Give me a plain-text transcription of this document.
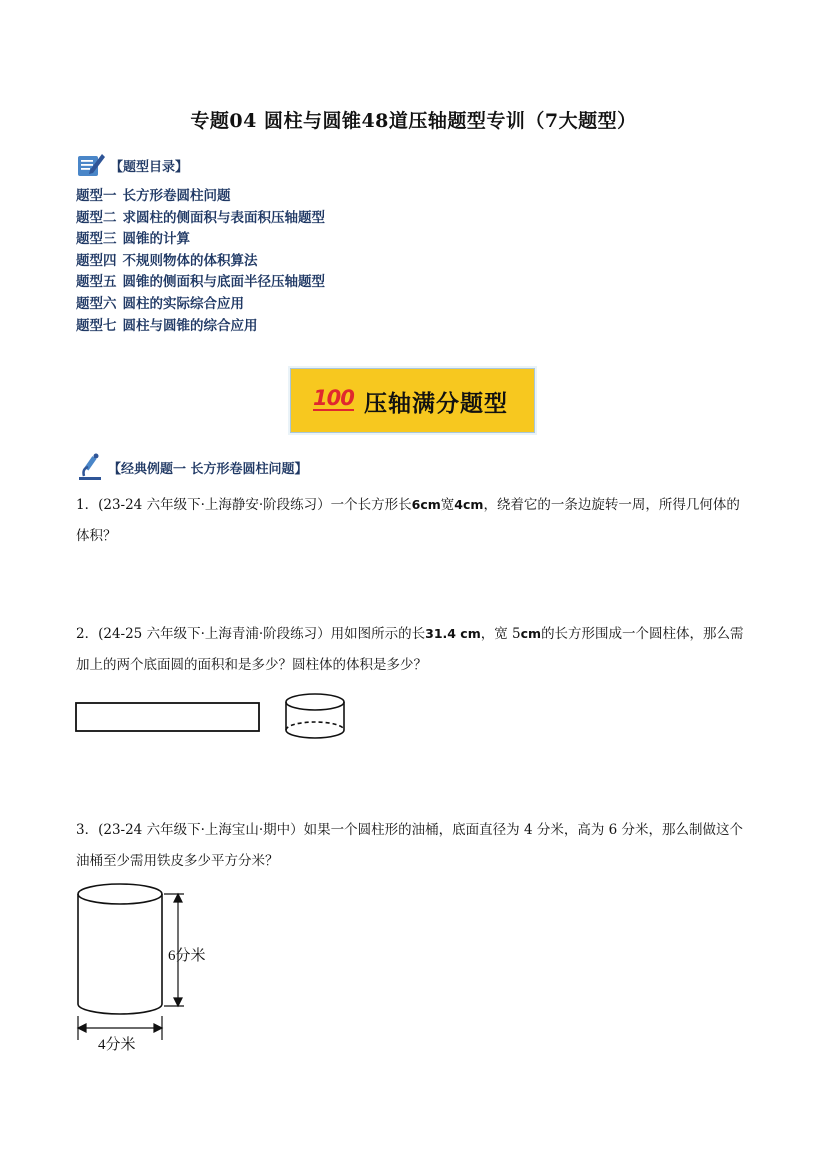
专题04 圆柱与圆锥48道压轴题型专训（7大题型）
【题型目录】
题型一 长方形卷圆柱问题
题型二 求圆柱的侧面积与表面积压轴题型
题型三 圆锥的计算
题型四 不规则物体的体积算法
题型五 圆锥的侧面积与底面半径压轴题型
题型六 圆柱的实际综合应用
题型七 圆柱与圆锥的综合应用
100 压轴满分题型
【经典例题一 长方形卷圆柱问题】
1．(23-24 六年级下·上海静安·阶段练习）一个长方形长6cm宽4cm，绕着它的一条边旋转一周，所得几何体的体积？
2．(24-25 六年级下·上海青浦·阶段练习）用如图所示的长31.4 cm，宽 5cm的长方形围成一个圆柱体，那么需加上的两个底面圆的面积和是多少？圆柱体的体积是多少？
3．(23-24 六年级下·上海宝山·期中）如果一个圆柱形的油桶，底面直径为 4 分米，高为 6 分米，那么制做这个油桶至少需用铁皮多少平方分米？
6分米
4分米
